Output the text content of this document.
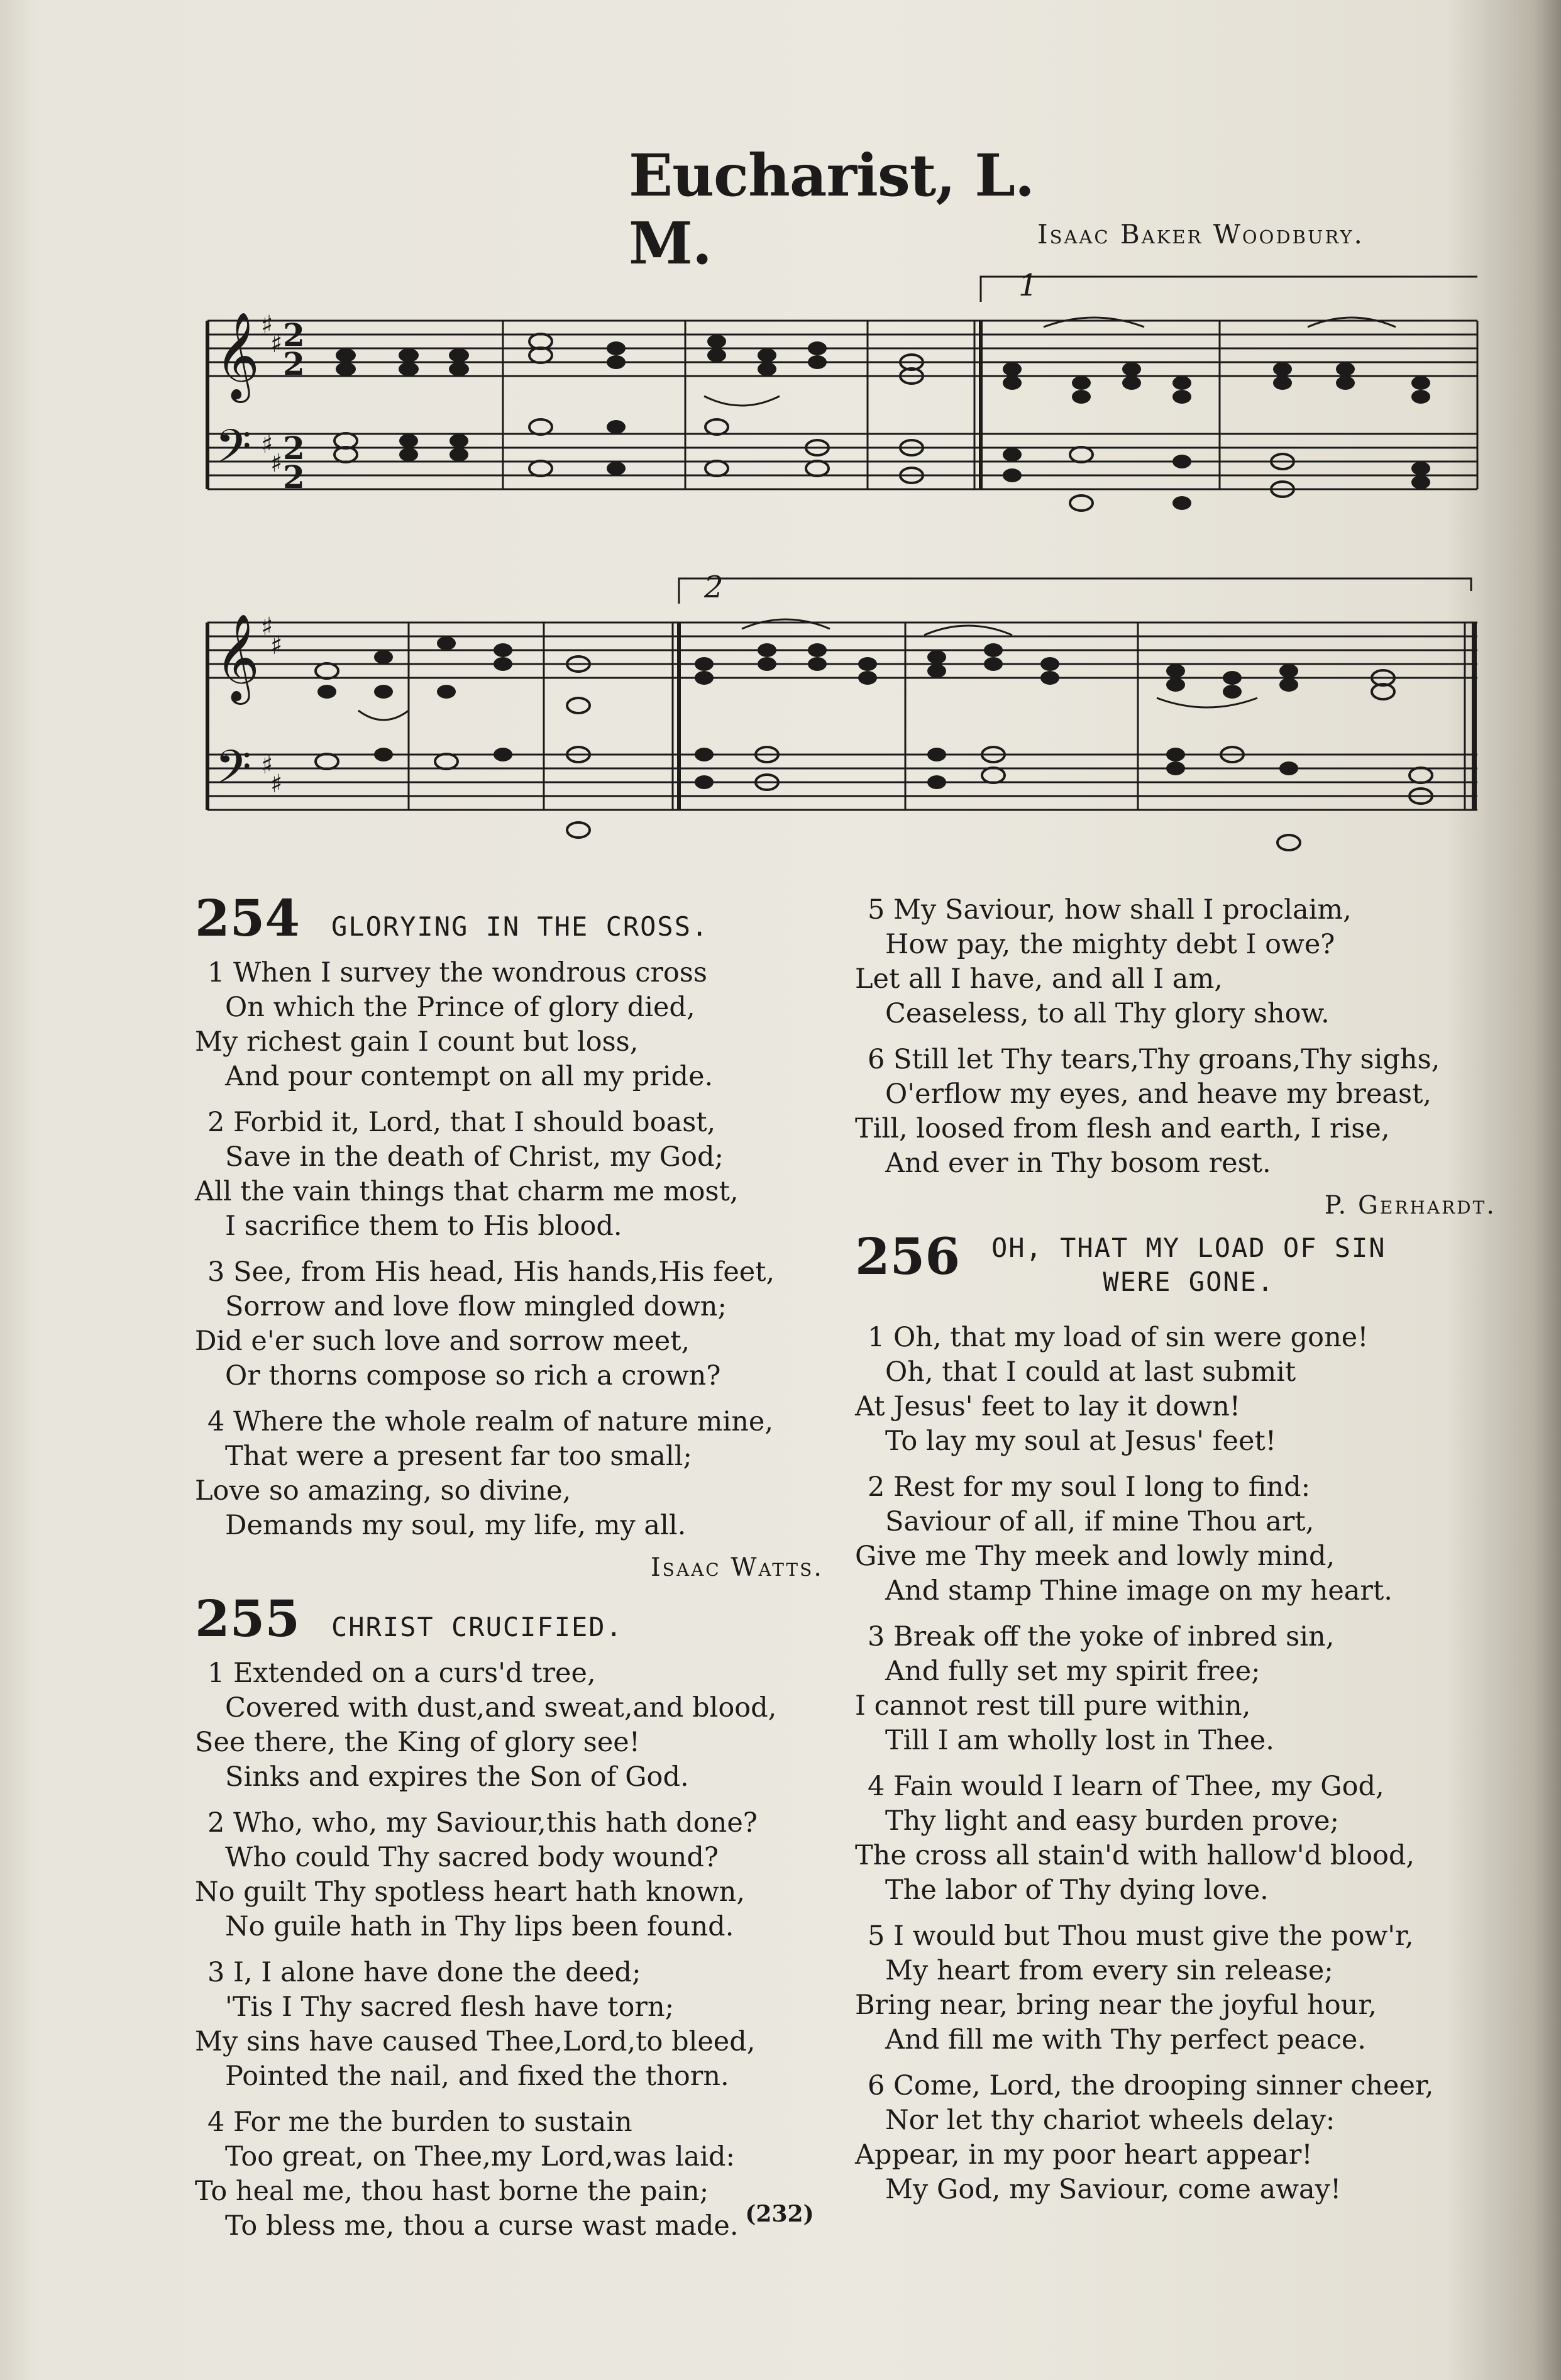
Eucharist, L. M.	Isaac Baker Woodbury.

𝄞
𝄢
2
2
2
2
♯
♯
♯
♯
1
𝄞
𝄢
♯
♯
♯
♯
2
254 GLORYING IN THE CROSS.
1 When I survey the wondrous cross
On which the Prince of glory died,
My richest gain I count but loss,
And pour contempt on all my pride.
2 Forbid it, Lord, that I should boast,
Save in the death of Christ, my God;
All the vain things that charm me most,
I sacrifice them to His blood.
3 See, from His head, His hands,His feet,
Sorrow and love flow mingled down;
Did e'er such love and sorrow meet,
Or thorns compose so rich a crown?
4 Where the whole realm of nature mine,
That were a present far too small;
Love so amazing, so divine,
Demands my soul, my life, my all.
Isaac Watts.
255 CHRIST CRUCIFIED.
1 Extended on a curs'd tree,
Covered with dust,and sweat,and blood,
See there, the King of glory see!
Sinks and expires the Son of God.
2 Who, who, my Saviour,this hath done?
Who could Thy sacred body wound?
No guilt Thy spotless heart hath known,
No guile hath in Thy lips been found.
3 I, I alone have done the deed;
'Tis I Thy sacred flesh have torn;
My sins have caused Thee,Lord,to bleed,
Pointed the nail, and fixed the thorn.
4 For me the burden to sustain
Too great, on Thee,my Lord,was laid:
To heal me, thou hast borne the pain;
To bless me, thou a curse wast made.
5 My Saviour, how shall I proclaim,
How pay, the mighty debt I owe?
Let all I have, and all I am,
Ceaseless, to all Thy glory show.
6 Still let Thy tears,Thy groans,Thy sighs,
O'erflow my eyes, and heave my breast,
Till, loosed from flesh and earth, I rise,
And ever in Thy bosom rest.
P. Gerhardt.
256 OH, THAT MY LOAD OF SIN
WERE GONE.
1 Oh, that my load of sin were gone!
Oh, that I could at last submit
At Jesus' feet to lay it down!
To lay my soul at Jesus' feet!
2 Rest for my soul I long to find:
Saviour of all, if mine Thou art,
Give me Thy meek and lowly mind,
And stamp Thine image on my heart.
3 Break off the yoke of inbred sin,
And fully set my spirit free;
I cannot rest till pure within,
Till I am wholly lost in Thee.
4 Fain would I learn of Thee, my God,
Thy light and easy burden prove;
The cross all stain'd with hallow'd blood,
The labor of Thy dying love.
5 I would but Thou must give the pow'r,
My heart from every sin release;
Bring near, bring near the joyful hour,
And fill me with Thy perfect peace.
6 Come, Lord, the drooping sinner cheer,
Nor let thy chariot wheels delay:
Appear, in my poor heart appear!
My God, my Saviour, come away!
(232)
